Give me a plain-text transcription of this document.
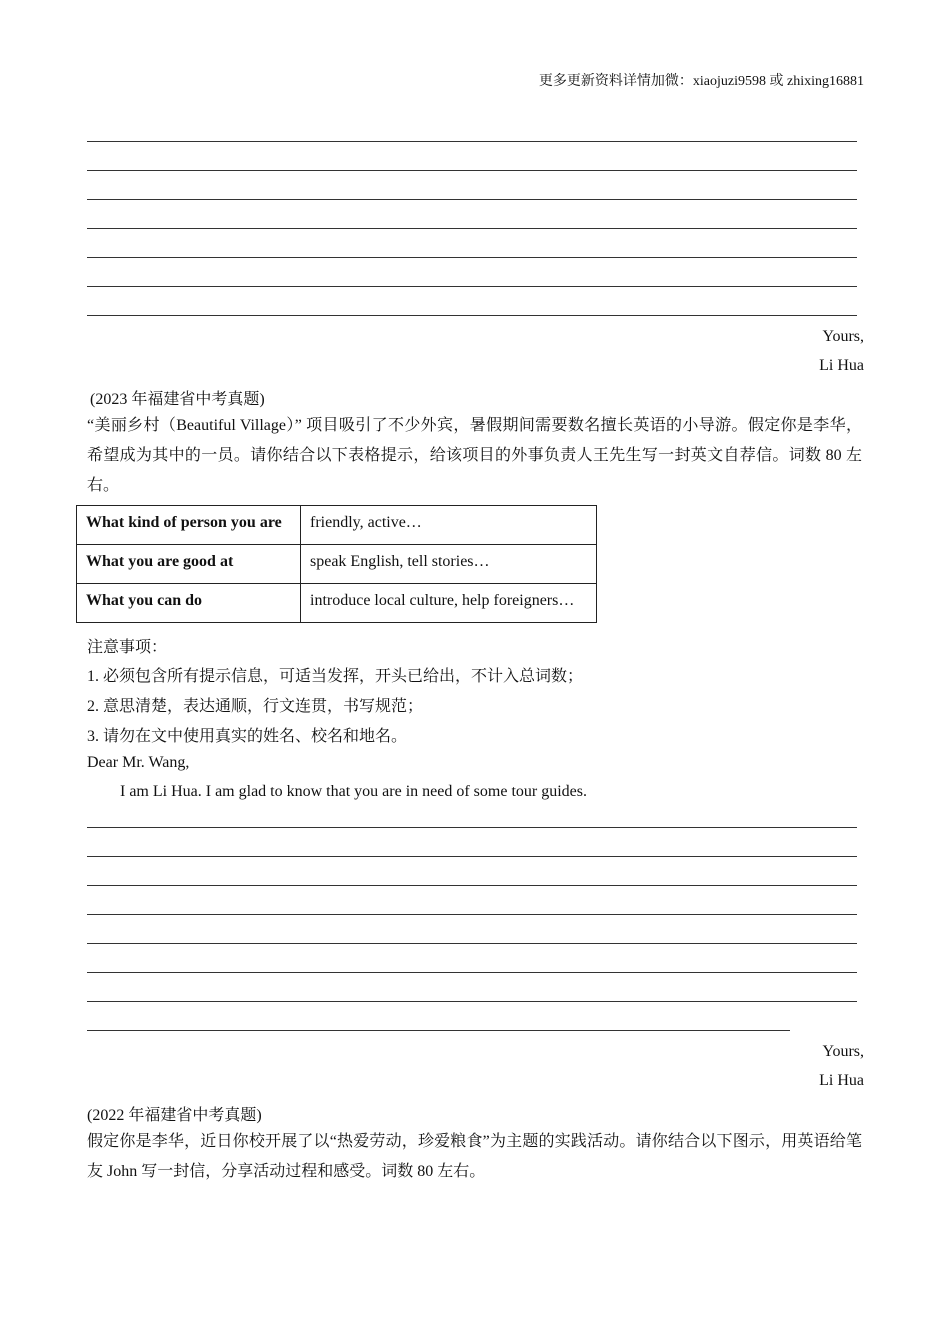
更多更新资料详情加微：xiaojuzi9598 或 zhixing16881
Yours,
Li Hua
(2023 年福建省中考真题)
“美丽乡村（Beautiful Village）” 项目吸引了不少外宾，暑假期间需要数名擅长英语的小导游。假定你是李华，希望成为其中的一员。请你结合以下表格提示，给该项目的外事负责人王先生写一封英文自荐信。词数 80 左右。
What kind of person you are	friendly, active…
What you are good at	speak English, tell stories…
What you can do	introduce local culture, help foreigners…
注意事项：
1. 必须包含所有提示信息，可适当发挥，开头已给出，不计入总词数；
2. 意思清楚，表达通顺，行文连贯，书写规范；
3. 请勿在文中使用真实的姓名、校名和地名。
Dear Mr. Wang,
I am Li Hua. I am glad to know that you are in need of some tour guides.
Yours,
Li Hua
(2022 年福建省中考真题)
假定你是李华，近日你校开展了以“热爱劳动，珍爱粮食”为主题的实践活动。请你结合以下图示，用英语给笔友 John 写一封信，分享活动过程和感受。词数 80 左右。
